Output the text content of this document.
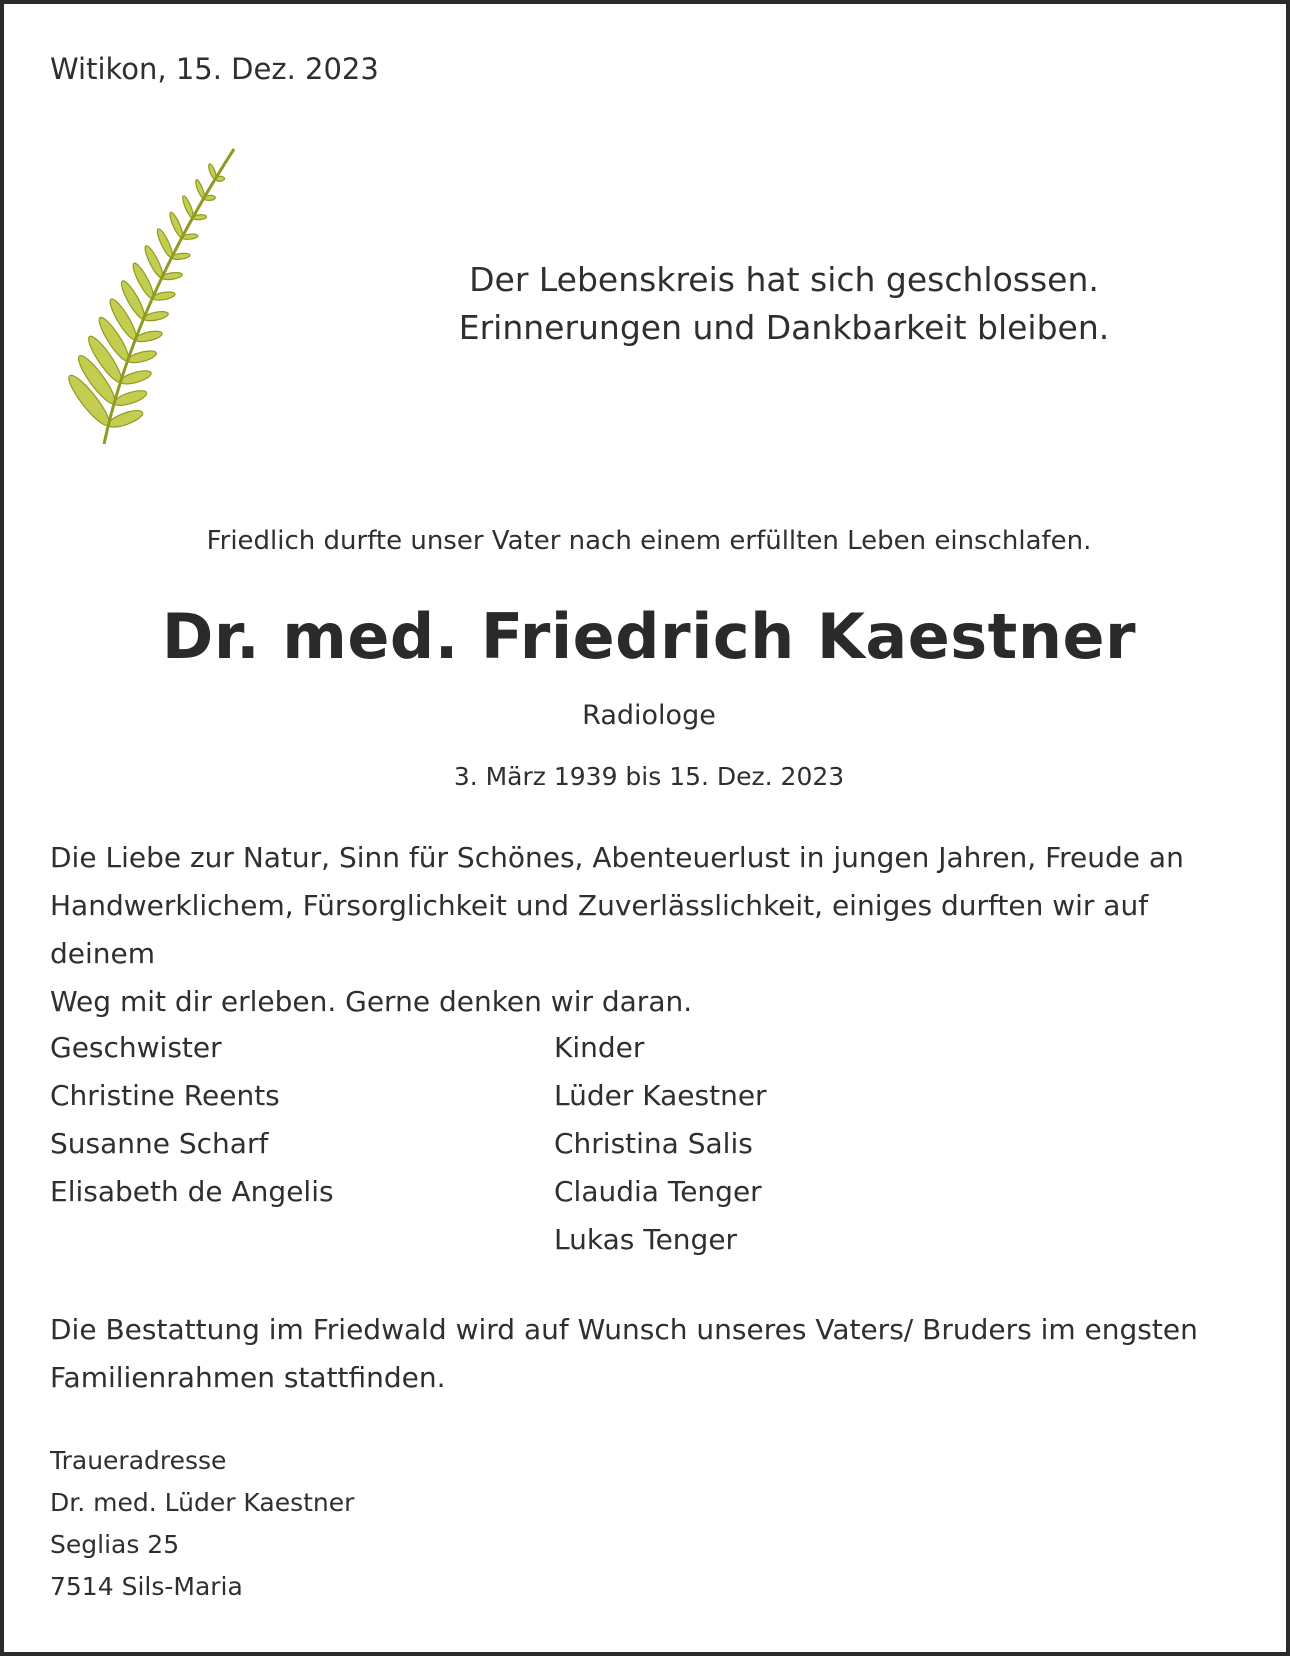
Witikon, 15. Dez. 2023

Der Lebenskreis hat sich geschlossen.
Erinnerungen und Dankbarkeit bleiben.

Friedlich durfte unser Vater nach einem erfüllten Leben einschlafen.

Dr. med. Friedrich Kaestner

Radiologe

3. März 1939 bis 15. Dez. 2023

Die Liebe zur Natur, Sinn für Schönes, Abenteuerlust in jungen Jahren, Freude an
Handwerklichem, Fürsorglichkeit und Zuverlässlichkeit, einiges durften wir auf deinem
Weg mit dir erleben. Gerne denken wir daran.
Geschwister
Christine Reents
Susanne Scharf
Elisabeth de Angelis
Kinder
Lüder Kaestner
Christina Salis
Claudia Tenger
Lukas Tenger
Die Bestattung im Friedwald wird auf Wunsch unseres Vaters/ Bruders im engsten
Familienrahmen stattfinden.
Traueradresse
Dr. med. Lüder Kaestner
Seglias 25
7514 Sils-Maria
